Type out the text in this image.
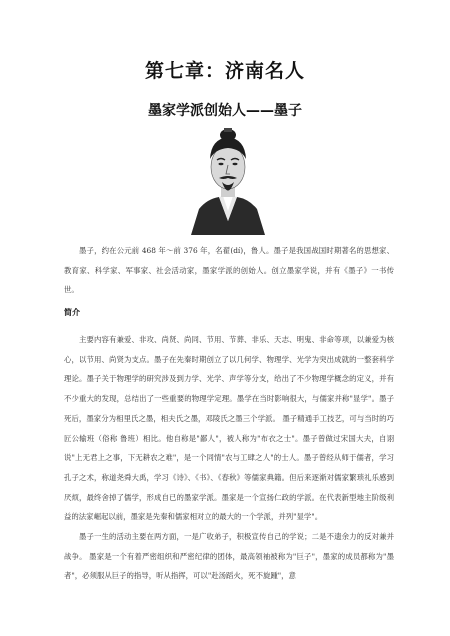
第七章：济南名人
墨家学派创始人——墨子

墨子，约在公元前 468 年～前 376 年，名翟(dí)，鲁人。墨子是我国战国时期著名的思想家、教育家、科学家、军事家、社会活动家，墨家学派的创始人。创立墨家学说，并有《墨子》一书传世。

简介

主要内容有兼爱、非攻、尚贤、尚同、节用、节葬、非乐、天志、明鬼、非命等项，以兼爱为核心，以节用、尚贤为支点。墨子在先秦时期创立了以几何学、物理学、光学为突出成就的一整套科学理论。墨子关于物理学的研究涉及到力学、光学、声学等分支，给出了不少物理学概念的定义，并有不少重大的发现，总结出了一些重要的物理学定理。墨学在当时影响很大，与儒家并称"显学"。墨子死后，墨家分为相里氏之墨，相夫氏之墨，邓陵氏之墨三个学派。 墨子精通手工技艺，可与当时的巧匠公输班（俗称 鲁班）相比。他自称是"鄙人"，被人称为"布衣之士"。墨子曾做过宋国大夫，自诩说"上无君上之事，下无耕农之难"，是一个同情"农与工肆之人"的士人。墨子曾经从师于儒者，学习孔子之术，称道尧舜大禹，学习《诗》、《书》、《春秋》等儒家典籍。但后来逐渐对儒家繁琐礼乐感到厌烦，最终舍掉了儒学，形成自已的墨家学派。墨家是一个宣扬仁政的学派。在代表新型地主阶级利益的法家崛起以前，墨家是先秦和儒家相对立的最大的一个学派，并列"显学"。

墨子一生的活动主要在两方面，一是广收弟子，积极宣传自己的学说；二是不遗余力的反对兼并战争。 墨家是一个有着严密组织和严密纪律的团体，最高领袖被称为"巨子"，墨家的成员都称为"墨者"，必须服从巨子的指导，听从指挥，可以"赴汤蹈火，死不旋踵"，意
